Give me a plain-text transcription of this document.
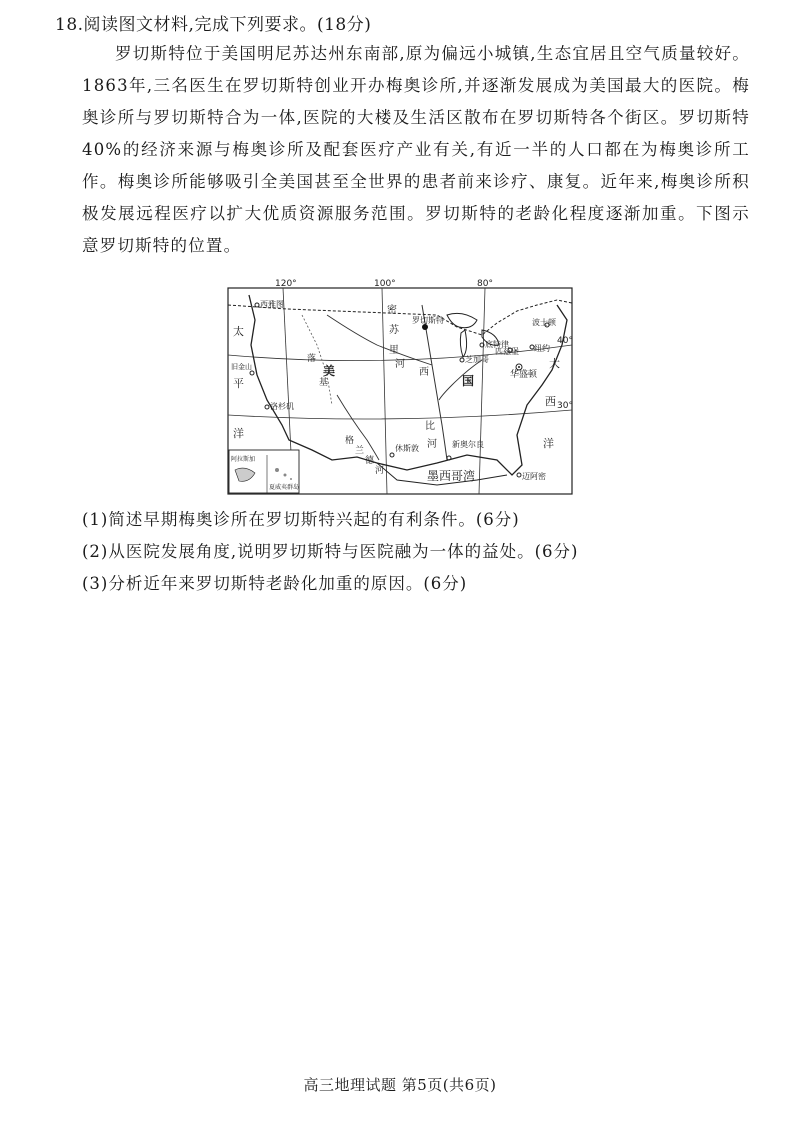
18.阅读图文材料,完成下列要求。(18分)

罗切斯特位于美国明尼苏达州东南部,原为偏远小城镇,生态宜居且空气质量较好。1863年,三名医生在罗切斯特创业开办梅奥诊所,并逐渐发展成为美国最大的医院。梅奥诊所与罗切斯特合为一体,医院的大楼及生活区散布在罗切斯特各个街区。罗切斯特40%的经济来源与梅奥诊所及配套医疗产业有关,有近一半的人口都在为梅奥诊所工作。梅奥诊所能够吸引全美国甚至全世界的患者前来诊疗、康复。近年来,梅奥诊所积极发展远程医疗以扩大优质资源服务范围。罗切斯特的老龄化程度逐渐加重。下图示意罗切斯特的位置。

120°	100°	80°
40°
30°
墨西哥湾
美
国
密
苏
里
河
西
比
河
太
平
洋
大
西
洋
落
基
格
兰
德
河
西雅图
罗切斯特
底特律
芝加哥
旧金山
洛杉矶
休斯敦	新奥尔良
匹兹堡 纽约
华盛顿
波士顿
迈阿密
阿拉斯加
夏威夷群岛
(1)简述早期梅奥诊所在罗切斯特兴起的有利条件。(6分)
(2)从医院发展角度,说明罗切斯特与医院融为一体的益处。(6分)
(3)分析近年来罗切斯特老龄化加重的原因。(6分)
高三地理试题 第5页(共6页)
